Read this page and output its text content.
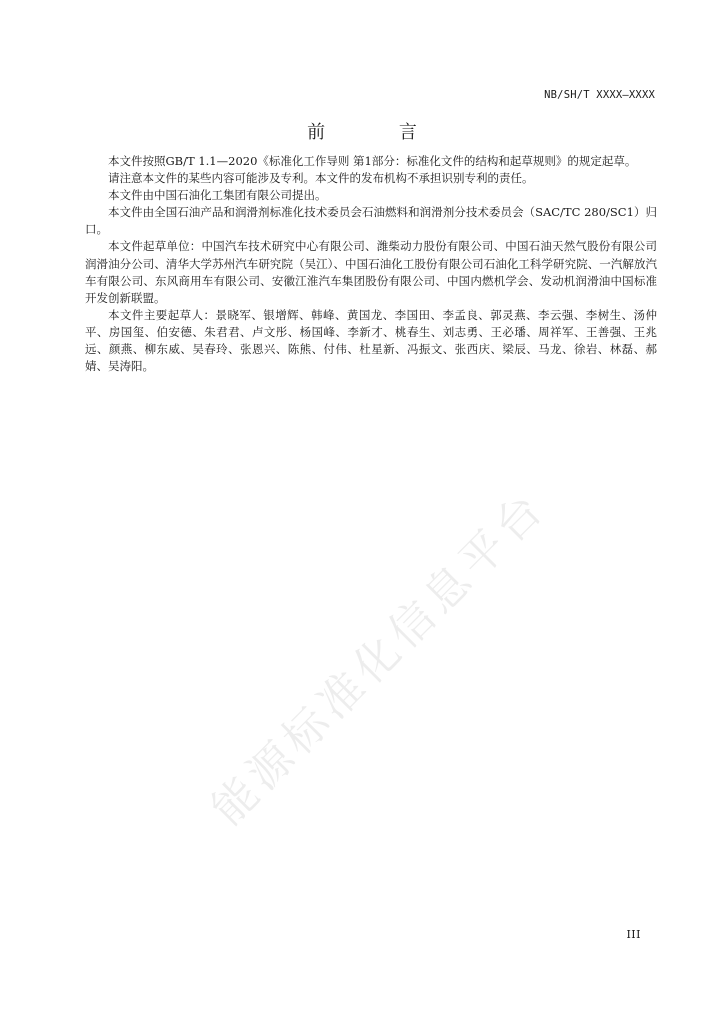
NB/SH/T XXXX—XXXX
前 言

本文件按照GB/T 1.1—2020《标准化工作导则 第1部分：标准化文件的结构和起草规则》的规定起草。

请注意本文件的某些内容可能涉及专利。本文件的发布机构不承担识别专利的责任。

本文件由中国石油化工集团有限公司提出。

本文件由全国石油产品和润滑剂标准化技术委员会石油燃料和润滑剂分技术委员会（SAC/TC 280/SC1）归口。

本文件起草单位：中国汽车技术研究中心有限公司、潍柴动力股份有限公司、中国石油天然气股份有限公司润滑油分公司、清华大学苏州汽车研究院（吴江）、中国石油化工股份有限公司石油化工科学研究院、一汽解放汽车有限公司、东风商用车有限公司、安徽江淮汽车集团股份有限公司、中国内燃机学会、发动机润滑油中国标准开发创新联盟。

本文件主要起草人：景晓军、银增辉、韩峰、黄国龙、李国田、李孟良、郭灵燕、李云强、李树生、汤仲平、房国玺、伯安德、朱君君、卢文彤、杨国峰、李新才、桃春生、刘志勇、王必璠、周祥军、王善强、王兆远、颜燕、柳东威、吴春玲、张恩兴、陈熊、付伟、杜星新、冯振文、张西庆、梁辰、马龙、徐岩、林磊、郝婧、吴涛阳。

能源标准化信息平台
III
